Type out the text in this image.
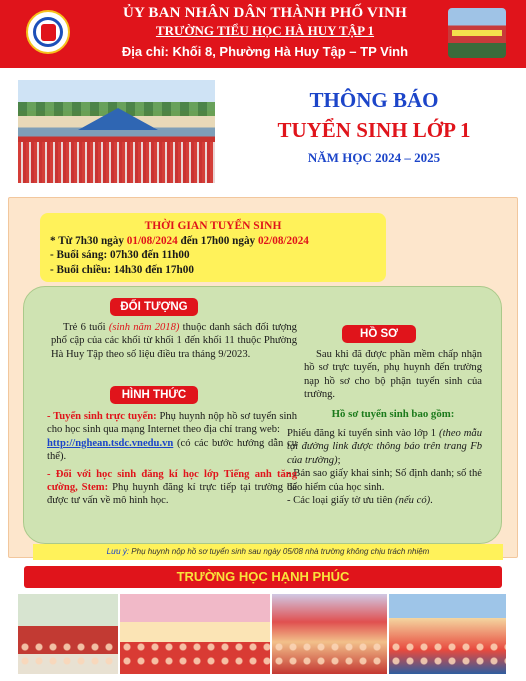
ỦY BAN NHÂN DÂN THÀNH PHỐ VINH
TRƯỜNG TIỂU HỌC HÀ HUY TẬP 1
Địa chỉ: Khối 8, Phường Hà Huy Tập – TP Vinh
THÔNG BÁO
TUYỂN SINH LỚP 1
NĂM HỌC 2024 – 2025
THỜI GIAN TUYỂN SINH
* Từ 7h30 ngày 01/08/2024 đến 17h00 ngày 02/08/2024
- Buổi sáng: 07h30 đến 11h00
- Buổi chiều: 14h30 đến 17h00
ĐỐI TƯỢNG
Trẻ 6 tuổi (sinh năm 2018) thuộc danh sách đối tượng phổ cập của các khối từ khối 1 đến khối 11 thuộc Phường Hà Huy Tập theo số liệu điều tra tháng 9/2023.
HỒ SƠ
Sau khi đã được phần mềm chấp nhận hồ sơ trực tuyến, phụ huynh đến trường nạp hồ sơ cho bộ phận tuyển sinh của trường.
Hồ sơ tuyển sinh bao gồm:
Phiếu đăng kí tuyển sinh vào lớp 1 (theo mẫu tại đường link được thông báo trên trang Fb của trường);
- Bản sao giấy khai sinh; Số định danh; số thẻ bảo hiểm của học sinh.
- Các loại giấy tờ ưu tiên (nếu có).
HÌNH THỨC
- Tuyển sinh trực tuyến: Phụ huynh nộp hồ sơ tuyển sinh cho học sinh qua mạng Internet theo địa chỉ trang web:
http://nghean.tsdc.vnedu.vn (có các bước hướng dẫn cụ thể).
- Đối với học sinh đăng kí học lớp Tiếng anh tăng cường, Stem: Phụ huynh đăng kí trực tiếp tại trường để được tư vấn về mô hình học.
Lưu ý: Phụ huynh nộp hồ sơ tuyển sinh sau ngày 05/08 nhà trường không chịu trách nhiệm
TRƯỜNG HỌC HẠNH PHÚC
